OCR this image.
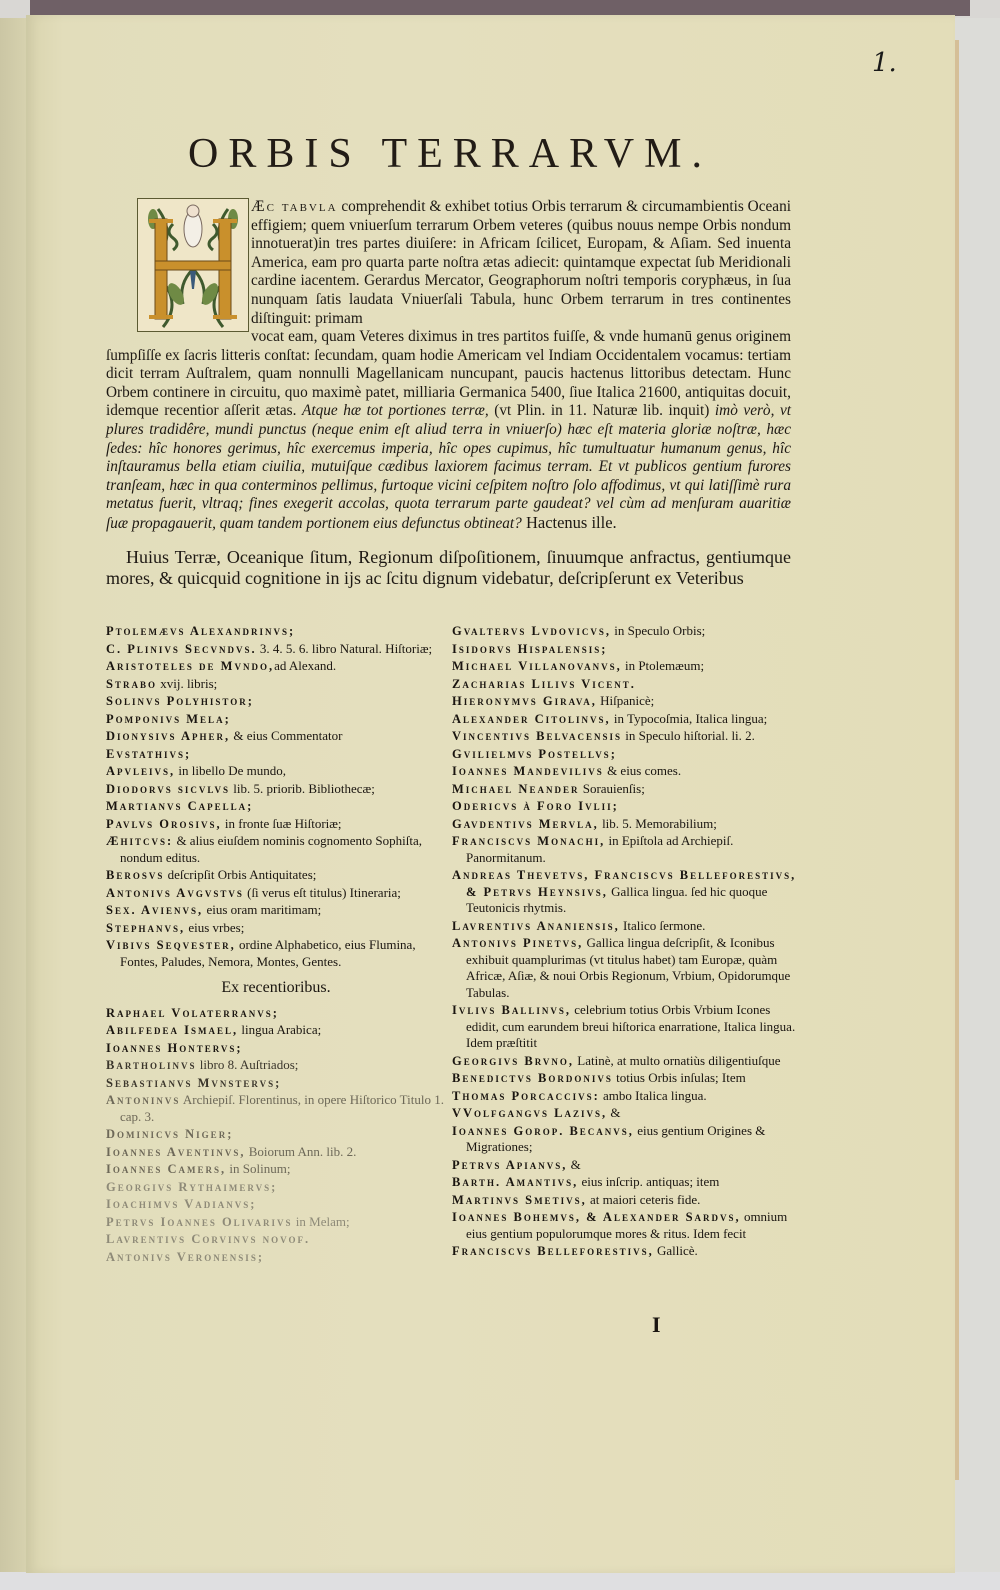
1.
ORBIS TERRARVM.

Æc tabvla comprehendit & exhibet totius Orbis terrarum & circumambientis Oceani effigiem; quem vniuerſum terrarum Orbem veteres (quibus nouus nempe Orbis nondum innotuerat)in tres partes diuiſere: in Africam ſcilicet, Europam, & Aſiam. Sed inuenta America, eam pro quarta parte noſtra ætas adiecit: quintamque expectat ſub Meridionali cardine iacentem. Gerardus Mercator, Geographorum noſtri temporis coryphæus, in ſua nunquam ſatis laudata Vniuerſali Tabula, hunc Orbem terrarum in tres continentes diſtinguit: primam

vocat eam, quam Veteres diximus in tres partitos fuiſſe, & vnde humanū genus originem ſumpſiſſe ex ſacris litteris conſtat: ſecundam, quam hodie Americam vel Indiam Occidentalem vocamus: tertiam dicit terram Auſtralem, quam nonnulli Magellanicam nuncupant, paucis hactenus littoribus detectam. Hunc Orbem continere in circuitu, quo maximè patet, milliaria Germanica 5400, ſiue Italica 21600, antiquitas docuit, idemque recentior aſſerit ætas. Atque hæ tot portiones terræ, (vt Plin. in 11. Naturæ lib. inquit) imò verò, vt plures tradidêre, mundi punctus (neque enim eſt aliud terra in vniuerſo) hæc eſt materia gloriæ noſtræ, hæc ſedes: hîc honores gerimus, hîc exercemus imperia, hîc opes cupimus, hîc tumultuatur humanum genus, hîc inſtauramus bella etiam ciuilia, mutuiſque cædibus laxiorem facimus terram. Et vt publicos gentium furores tranſeam, hæc in qua conterminos pellimus, furtoque vicini ceſpitem noſtro ſolo affodimus, vt qui latiſſimè rura metatus fuerit, vltraq; fines exegerit accolas, quota terrarum parte gaudeat? vel cùm ad menſuram auaritiæ ſuæ propagauerit, quam tandem portionem eius defunctus obtineat? Hactenus ille.

Huius Terræ, Oceanique ſitum, Regionum diſpoſitionem, ſinuumque anfractus, gentiumque mores, & quicquid cognitione in ijs ac ſcitu dignum videbatur, deſcripſerunt ex Veteribus

Ptolemævs Alexandrinvs;
C. Plinivs Secvndvs. 3. 4. 5. 6. libro Natural. Hiſtoriæ;
Aristoteles de Mvndo,ad Alexand.
Strabo xvij. libris;
Solinvs Polyhistor;
Pomponivs Mela;
Dionysivs Apher, & eius Commentator
Evstathivs;
Apvleivs, in libello De mundo,
Diodorvs sicvlvs lib. 5. priorib. Bibliothecæ;
Martianvs Capella;
Pavlvs Orosivs, in fronte ſuæ Hiſtoriæ;
Æhitcvs: & alius eiuſdem nominis cognomento Sophiſta, nondum editus.
Berosvs deſcripſit Orbis Antiquitates;
Antonivs Avgvstvs (ſi verus eſt titulus) Itineraria;
Sex. Avienvs, eius oram maritimam;
Stephanvs, eius vrbes;
Vibivs Seqvester, ordine Alphabetico, eius Flumina, Fontes, Paludes, Nemora, Montes, Gentes.
Ex recentioribus.
Raphael Volaterranvs;
Abilfedea Ismael, lingua Arabica;
Ioannes Hontervs;
Bartholinvs libro 8. Auſtriados;
Sebastianvs Mvnstervs;
Antoninvs Archiepiſ. Florentinus, in opere Hiſtorico Titulo 1. cap. 3.
Dominicvs Niger;
Ioannes Aventinvs, Boiorum Ann. lib. 2.
Ioannes Camers, in Solinum;
Georgivs Rythaimervs;
Ioachimvs Vadianvs;
Petrvs Ioannes Olivarivs in Melam;
Lavrentivs Corvinvs novof.
Antonivs Veronensis;
Gvaltervs Lvdovicvs, in Speculo Orbis;
Isidorvs Hispalensis;
Michael Villanovanvs, in Ptolemæum;
Zacharias Lilivs Vicent.
Hieronymvs Girava, Hiſpanicè;
Alexander Citolinvs, in Typocoſmia, Italica lingua;
Vincentivs Belvacensis in Speculo hiſtorial. li. 2.
Gvilielmvs Postellvs;
Ioannes Mandevilivs & eius comes.
Michael Neander Sorauienſis;
Odericvs à Foro Ivlii;
Gavdentivs Mervla, lib. 5. Memorabilium;
Franciscvs Monachi, in Epiſtola ad Archiepiſ. Panormitanum.
Andreas Thevetvs, Franciscvs Belleforestivs, & Petrvs Heynsivs, Gallica lingua. ſed hic quoque Teutonicis rhytmis.
Lavrentivs Ananiensis, Italico ſermone.
Antonivs Pinetvs, Gallica lingua deſcripſit, & Iconibus exhibuit quamplurimas (vt titulus habet) tam Europæ, quàm Africæ, Aſiæ, & noui Orbis Regionum, Vrbium, Opidorumque Tabulas.
Ivlivs Ballinvs, celebrium totius Orbis Vrbium Icones edidit, cum earundem breui hiſtorica enarratione, Italica lingua. Idem præſtitit
Georgivs Brvno, Latinè, at multo ornatiùs diligentiuſque
Benedictvs Bordonivs totius Orbis inſulas; Item
Thomas Porcaccivs: ambo Italica lingua.
VVolfgangvs Lazivs, &
Ioannes Gorop. Becanvs, eius gentium Origines & Migrationes;
Petrvs Apianvs, &
Barth. Amantivs, eius inſcrip. antiquas; item
Martinvs Smetivs, at maiori ceteris fide.
Ioannes Bohemvs, & Alexander Sardvs, omnium eius gentium populorumque mores & ritus. Idem fecit
Franciscvs Belleforestivs, Gallicè.
I
